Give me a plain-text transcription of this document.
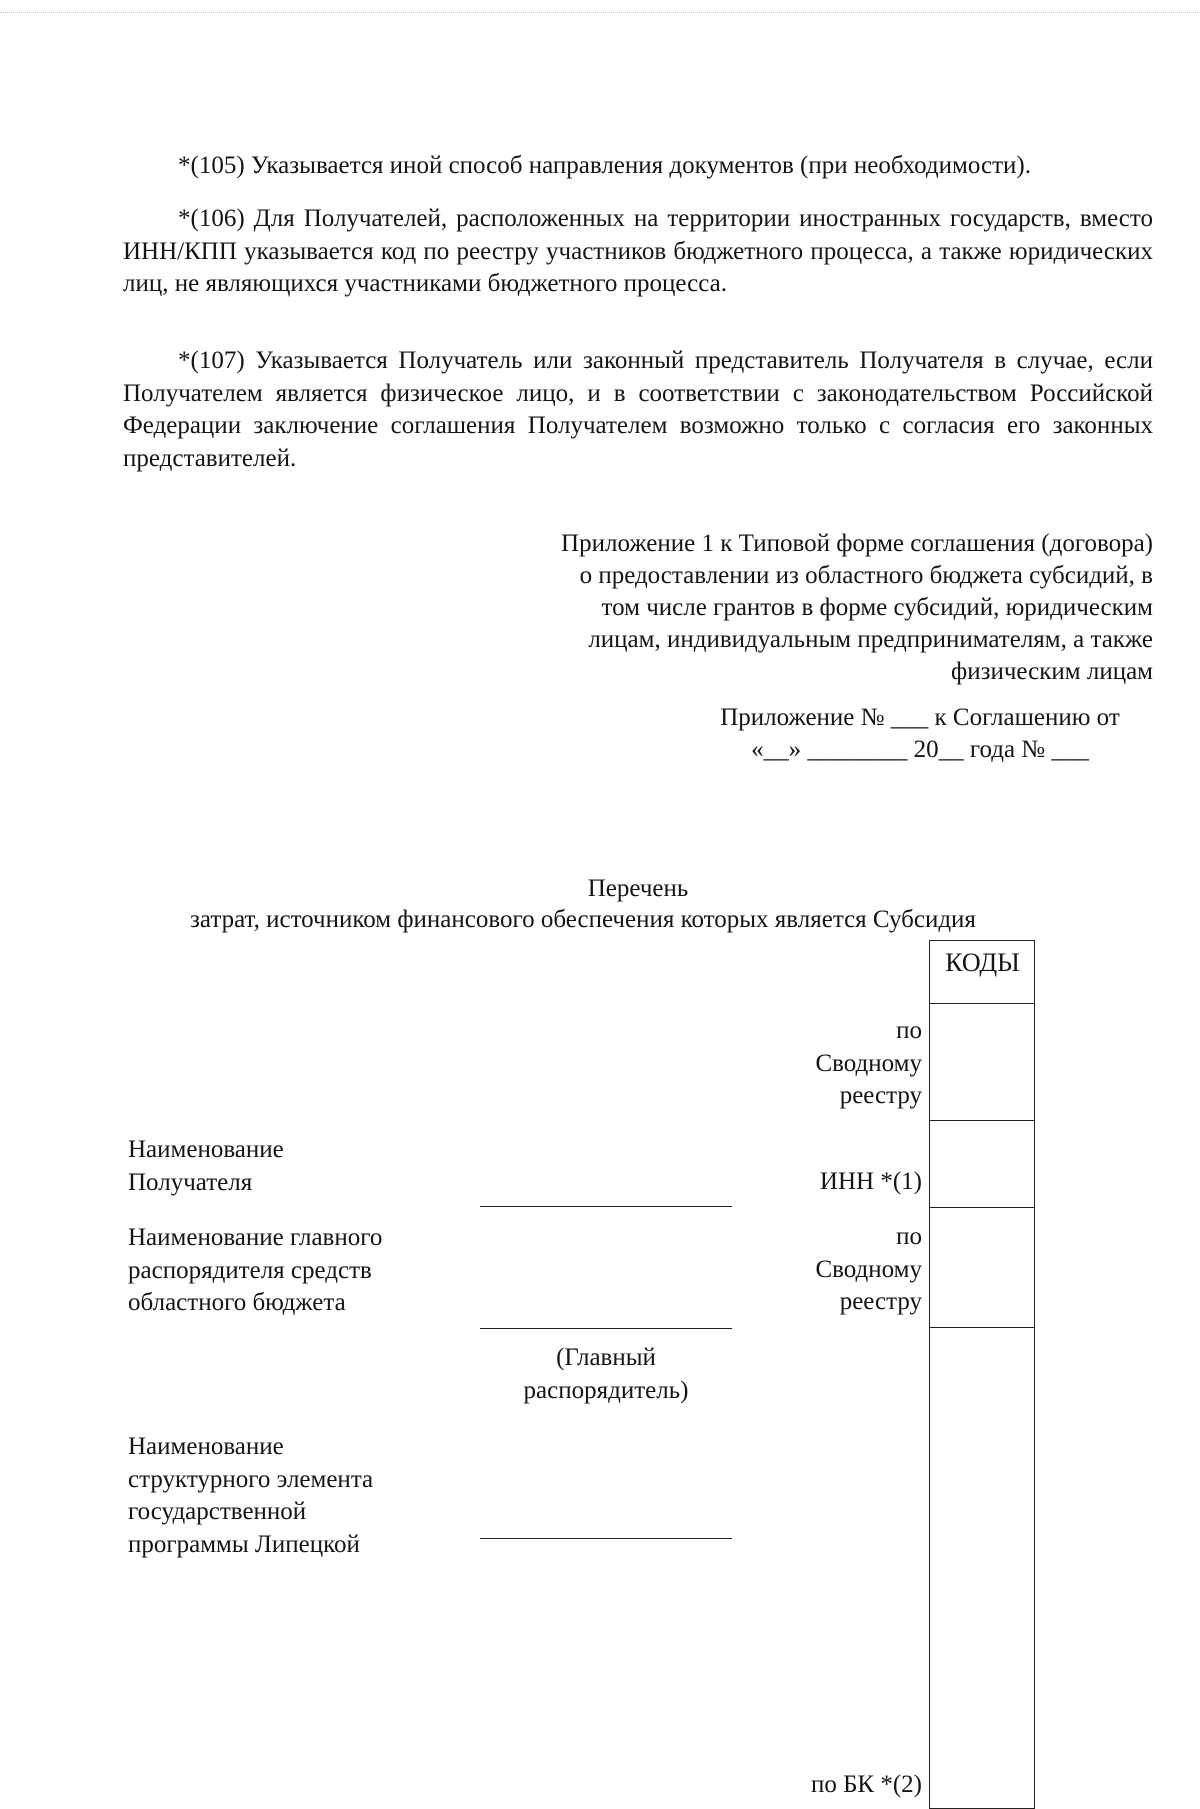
*(105) Указывается иной способ направления документов (при необходимости).

*(106) Для Получателей, расположенных на территории иностранных государств, вместо ИНН/КПП указывается код по реестру участников бюджетного процесса, а также юридических лиц, не являющихся участниками бюджетного процесса.

*(107) Указывается Получатель или законный представитель Получателя в случае, если Получателем является физическое лицо, и в соответствии с законодательством Российской Федерации заключение соглашения Получателем возможно только с согласия его законных представителей.

Приложение 1 к Типовой форме соглашения (договора)
о предоставлении из областного бюджета субсидий, в
том числе грантов в форме субсидий, юридическим
лицам, индивидуальным предпринимателям, а также
физическим лицам
Приложение № ___ к Соглашению от
«__» ________ 20__ года № ___
Перечень
затрат, источником финансового обеспечения которых является Субсидия
КОДЫ

по
Сводному
реестру

ИНН *(1)

по
Сводному
реестру

по БК *(2)

Наименование
Получателя

Наименование главного
распорядителя средств
областного бюджета

(Главный
распорядитель)

Наименование
структурного элемента
государственной
программы Липецкой
